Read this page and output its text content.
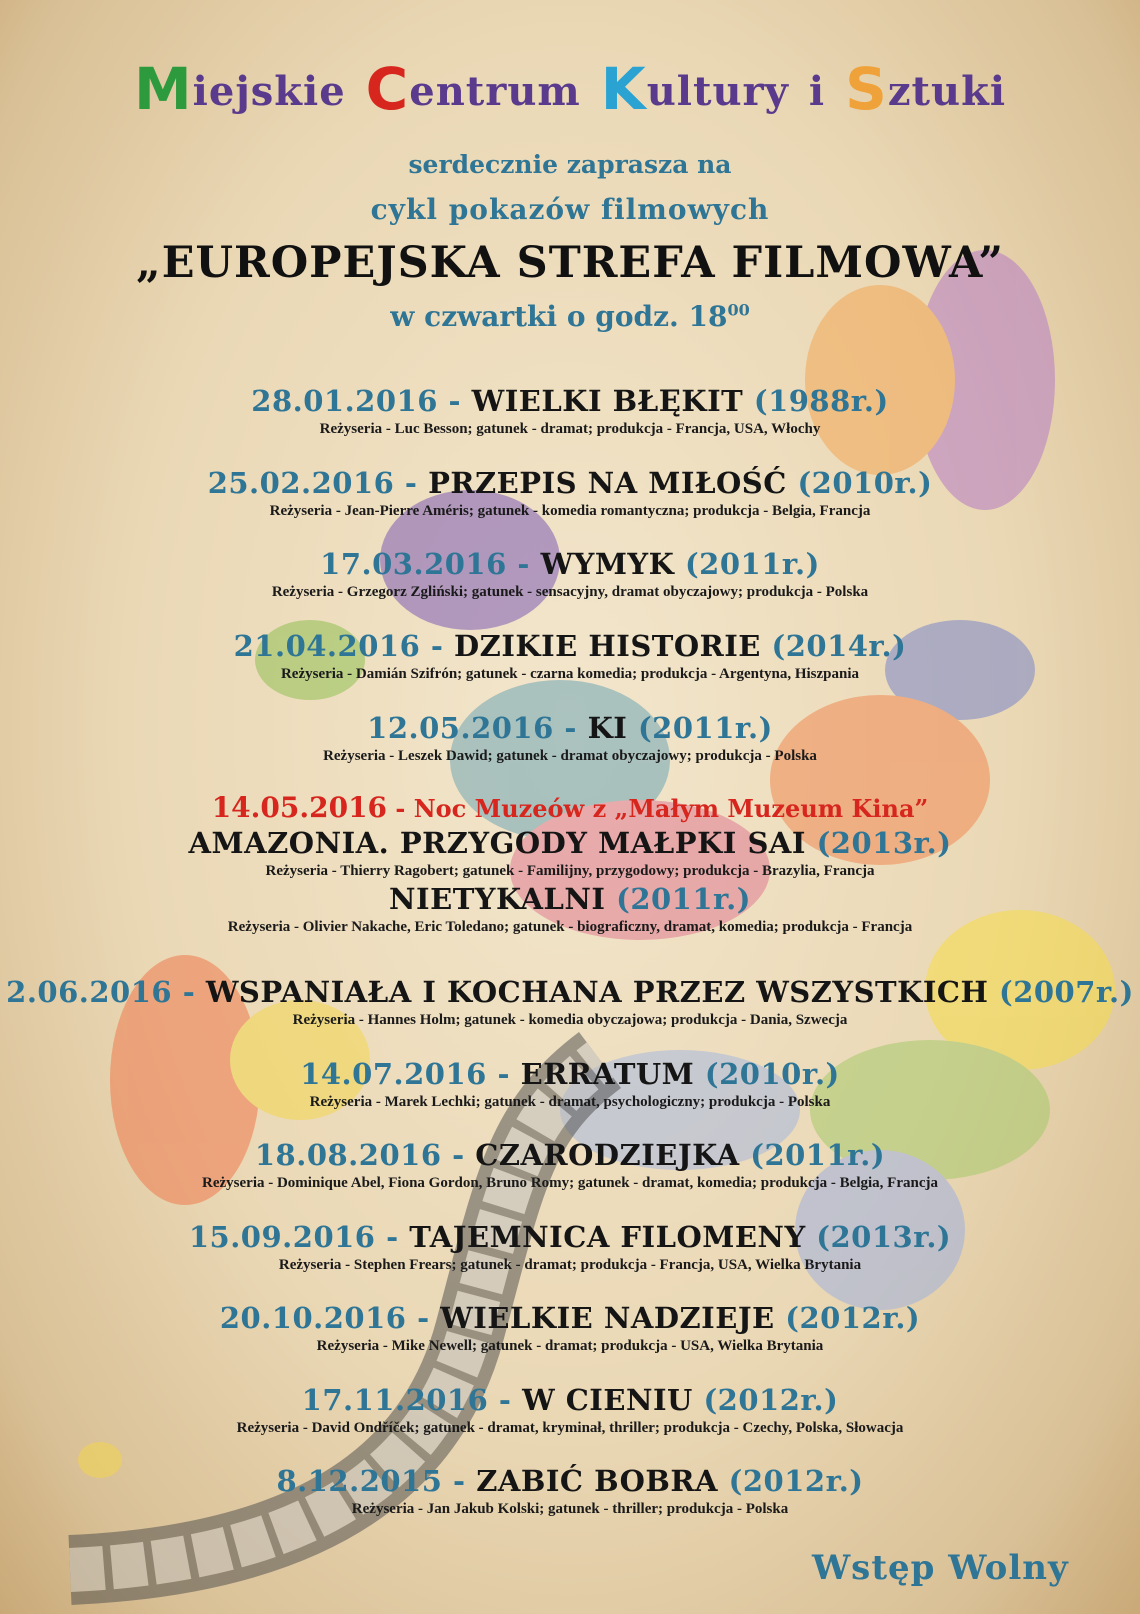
Miejskie Centrum Kultury i Sztuki
serdecznie zaprasza na
cykl pokazów filmowych
„EUROPEJSKA STREFA FILMOWA”
w czwartki o godz. $18^{00}$
28.01.2016 - WIELKI BŁĘKIT (1988r.)
Reżyseria - Luc Besson; gatunek - dramat; produkcja - Francja, USA, Włochy
25.02.2016 - PRZEPIS NA MIŁOŚĆ (2010r.)
Reżyseria - Jean-Pierre Améris; gatunek - komedia romantyczna; produkcja - Belgia, Francja
17.03.2016 - WYMYK (2011r.)
Reżyseria - Grzegorz Zgliński; gatunek - sensacyjny, dramat obyczajowy; produkcja - Polska
21.04.2016 - DZIKIE HISTORIE (2014r.)
Reżyseria - Damián Szifrón; gatunek - czarna komedia; produkcja - Argentyna, Hiszpania
12.05.2016 - KI (2011r.)
Reżyseria - Leszek Dawid; gatunek - dramat obyczajowy; produkcja - Polska
14.05.2016 - Noc Muzeów z „Małym Muzeum Kina”
AMAZONIA. PRZYGODY MAŁPKI SAI (2013r.)
Reżyseria - Thierry Ragobert; gatunek - Familijny, przygodowy; produkcja - Brazylia, Francja
NIETYKALNI (2011r.)
Reżyseria - Olivier Nakache, Eric Toledano; gatunek - biograficzny, dramat, komedia; produkcja - Francja
2.06.2016 - WSPANIAŁA I KOCHANA PRZEZ WSZYSTKICH (2007r.)
Reżyseria - Hannes Holm; gatunek - komedia obyczajowa; produkcja - Dania, Szwecja
14.07.2016 - ERRATUM (2010r.)
Reżyseria - Marek Lechki; gatunek - dramat, psychologiczny; produkcja - Polska
18.08.2016 - CZARODZIEJKA (2011r.)
Reżyseria - Dominique Abel, Fiona Gordon, Bruno Romy; gatunek - dramat, komedia; produkcja - Belgia, Francja
15.09.2016 - TAJEMNICA FILOMENY (2013r.)
Reżyseria - Stephen Frears; gatunek - dramat; produkcja - Francja, USA, Wielka Brytania
20.10.2016 - WIELKIE NADZIEJE (2012r.)
Reżyseria - Mike Newell; gatunek - dramat; produkcja - USA, Wielka Brytania
17.11.2016 - W CIENIU (2012r.)
Reżyseria - David Ondříček; gatunek - dramat, kryminał, thriller; produkcja - Czechy, Polska, Słowacja
8.12.2015 - ZABIĆ BOBRA (2012r.)
Reżyseria - Jan Jakub Kolski; gatunek - thriller; produkcja - Polska
Wstęp Wolny
